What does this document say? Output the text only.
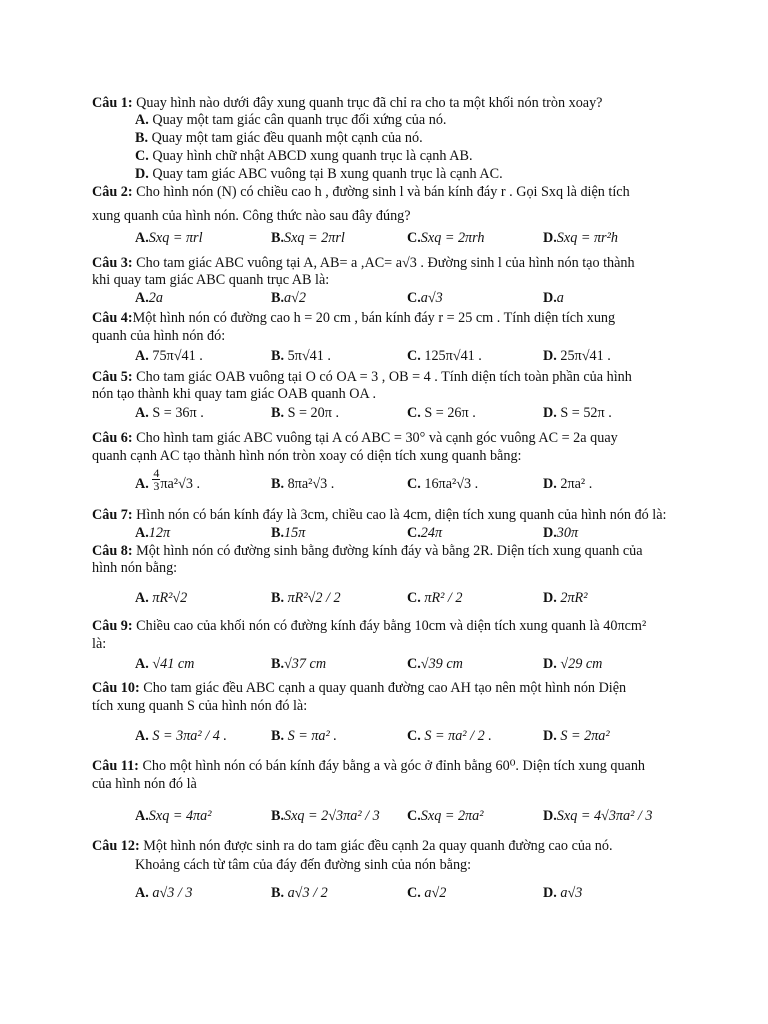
Câu 1: Quay hình nào dưới đây xung quanh trục đã chỉ ra cho ta một khối nón tròn xoay?
A. Quay một tam giác cân quanh trục đối xứng của nó.
B. Quay một tam giác đều quanh một cạnh của nó.
C. Quay hình chữ nhật ABCD xung quanh trục là cạnh AB.
D. Quay tam giác ABC vuông tại B xung quanh trục là cạnh AC.
Câu 2: Cho hình nón (N) có chiều cao h , đường sinh l và bán kính đáy r . Gọi Sxq là diện tích
xung quanh của hình nón. Công thức nào sau đây đúng?
A.Sxq = πrl	B.Sxq = 2πrl	C.Sxq = 2πrh	D.Sxq = πr²h
Câu 3: Cho tam giác ABC vuông tại A, AB= a ,AC= a√3 . Đường sinh l của hình nón tạo thành
khi quay tam giác ABC quanh trục AB là:
A.2a	B.a√2	C.a√3	D.a
Câu 4:Một hình nón có đường cao h = 20 cm , bán kính đáy r = 25 cm . Tính diện tích xung
quanh của hình nón đó:
A. 75π√41 .	B. 5π√41 .	C. 125π√41 .	D. 25π√41 .
Câu 5: Cho tam giác OAB vuông tại O có OA = 3 , OB = 4 . Tính diện tích toàn phần của hình
nón tạo thành khi quay tam giác OAB quanh OA .
A. S = 36π .	B. S = 20π .	C. S = 26π .	D. S = 52π .
Câu 6: Cho hình tam giác ABC vuông tại A có ABC = 30° và cạnh góc vuông AC = 2a quay
quanh cạnh AC tạo thành hình nón tròn xoay có diện tích xung quanh bằng:
A. $\frac{4}{3} \pi a^2√3$ .	B. 8πa²√3 .	C. 16πa²√3 .	D. 2πa² .
Câu 7: Hình nón có bán kính đáy là 3cm, chiều cao là 4cm, diện tích xung quanh của hình nón đó là:
A.12π	B.15π	C.24π	D.30π
Câu 8: Một hình nón có đường sinh bằng đường kính đáy và bằng 2R. Diện tích xung quanh của
hình nón bằng:
A. πR²√2	B. πR²√2 / 2	C. πR² / 2	D. 2πR²
Câu 9: Chiều cao của khối nón có đường kính đáy bằng 10cm và diện tích xung quanh là 40πcm²
là:
A. √41 cm	B.√37 cm	C.√39 cm	D. √29 cm
Câu 10: Cho tam giác đều ABC cạnh a quay quanh đường cao AH tạo nên một hình nón Diện
tích xung quanh S của hình nón đó là:
A. S = 3πa² / 4 .	B. S = πa² .	C. S = πa² / 2 .	D. S = 2πa²
Câu 11: Cho một hình nón có bán kính đáy bằng a và góc ở đỉnh bằng 60⁰. Diện tích xung quanh
của hình nón đó là
A.Sxq = 4πa²	B.Sxq = 2√3πa² / 3 C.Sxq = 2πa²	D.Sxq = 4√3πa² / 3
Câu 12: Một hình nón được sinh ra do tam giác đều cạnh 2a quay quanh đường cao của nó.
Khoảng cách từ tâm của đáy đến đường sinh của nón bằng:
A. a√3 / 3	B. a√3 / 2	C. a√2	D. a√3
